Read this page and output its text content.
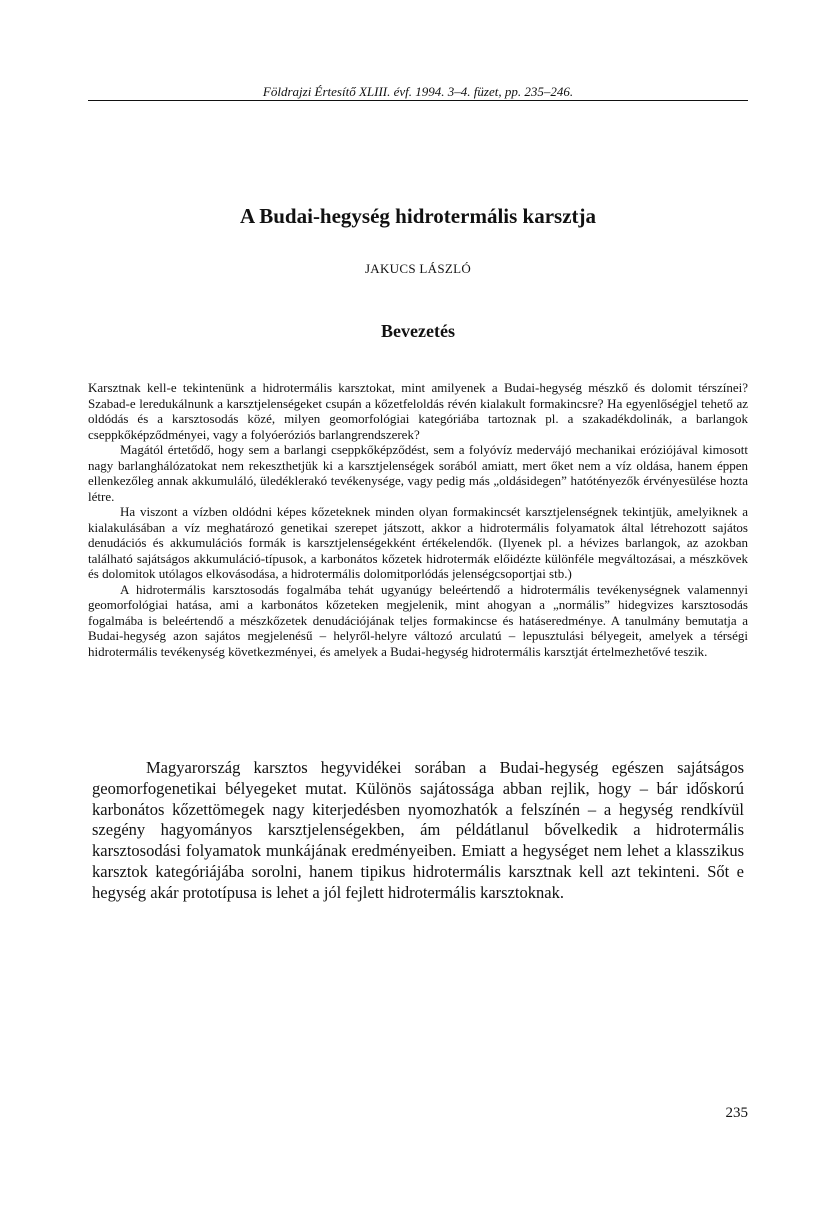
Földrajzi Értesítő XLIII. évf. 1994. 3–4. füzet, pp. 235–246.
A Budai-hegység hidrotermális karsztja
JAKUCS LÁSZLÓ
Bevezetés

Karsztnak kell-e tekintenünk a hidrotermális karsztokat, mint amilyenek a Budai-hegység mészkő és dolomit térszínei? Szabad-e leredukálnunk a karsztjelenségeket csupán a kőzetfeloldás révén kialakult formakincsre? Ha egyenlőségjel tehető az oldódás és a karsztosodás közé, milyen geomorfológiai kategóriába tartoznak pl. a szakadékdolinák, a barlangok cseppkőképződményei, vagy a folyóeróziós barlangrendszerek?

Magától értetődő, hogy sem a barlangi cseppkőképződést, sem a folyóvíz medervájó mechanikai eróziójával kimosott nagy barlanghálózatokat nem rekeszthetjük ki a karsztjelenségek sorából amiatt, mert őket nem a víz oldása, hanem éppen ellenkezőleg annak akkumuláló, üledéklerakó tevékenysége, vagy pedig más „oldásidegen” hatótényezők érvényesülése hozta létre.

Ha viszont a vízben oldódni képes kőzeteknek minden olyan formakincsét karsztjelenségnek tekintjük, amelyiknek a kialakulásában a víz meghatározó genetikai szerepet játszott, akkor a hidrotermális folyamatok által létrehozott sajátos denudációs és akkumulációs formák is karsztjelenségekként értékelendők. (Ilyenek pl. a hévizes barlangok, az azokban található sajátságos akkumuláció-típusok, a karbonátos kőzetek hidrotermák előidézte különféle megváltozásai, a mészkövek és dolomitok utólagos elkovásodása, a hidrotermális dolomitporlódás jelenségcsoportjai stb.)

A hidrotermális karsztosodás fogalmába tehát ugyanúgy beleértendő a hidrotermális tevékenységnek valamennyi geomorfológiai hatása, ami a karbonátos kőzeteken megjelenik, mint ahogyan a „normális” hidegvizes karsztosodás fogalmába is beleértendő a mészkőzetek denudációjának teljes formakincse és hatáseredménye. A tanulmány bemutatja a Budai-hegység azon sajátos megjelenésű – helyről-helyre változó arculatú – lepusztulási bélyegeit, amelyek a térségi hidrotermális tevékenység következményei, és amelyek a Budai-hegység hidrotermális karsztját értelmezhetővé teszik.

Magyarország karsztos hegyvidékei sorában a Budai-hegység egészen sajátságos geomorfogenetikai bélyegeket mutat. Különös sajátossága abban rejlik, hogy – bár időskorú karbonátos kőzettömegek nagy kiterjedésben nyomozhatók a felszínén – a hegység rendkívül szegény hagyományos karsztjelenségekben, ám példátlanul bővelkedik a hidrotermális karsztosodási folyamatok munkájának eredményeiben. Emiatt a hegységet nem lehet a klasszikus karsztok kategóriájába sorolni, hanem tipikus hidrotermális karsztnak kell azt tekinteni. Sőt e hegység akár prototípusa is lehet a jól fejlett hidrotermális karsztoknak.

235
